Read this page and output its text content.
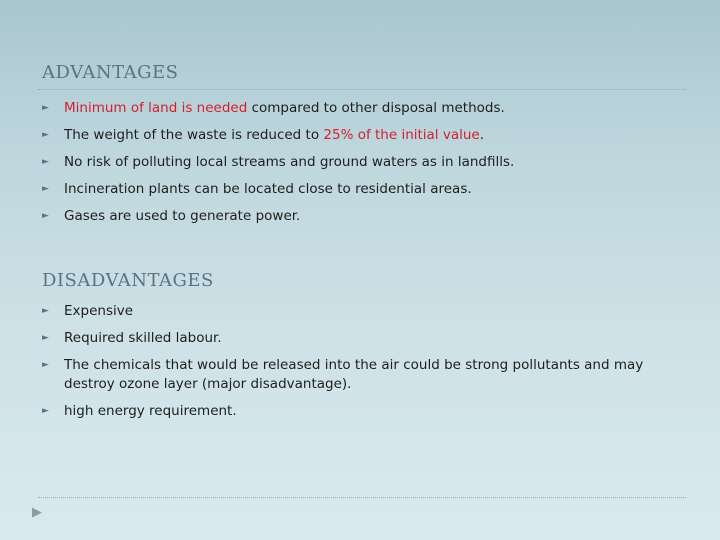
ADVANTAGES
► Minimum of land is needed compared to other disposal methods.
► The weight of the waste is reduced to 25% of the initial value.
► No risk of polluting local streams and ground waters as in landfills.
► Incineration plants can be located close to residential areas.
► Gases are used to generate power.
DISADVANTAGES
► Expensive
► Required skilled labour.
► The chemicals that would be released into the air could be strong pollutants and may destroy ozone layer (major disadvantage).
► high energy requirement.
▶
